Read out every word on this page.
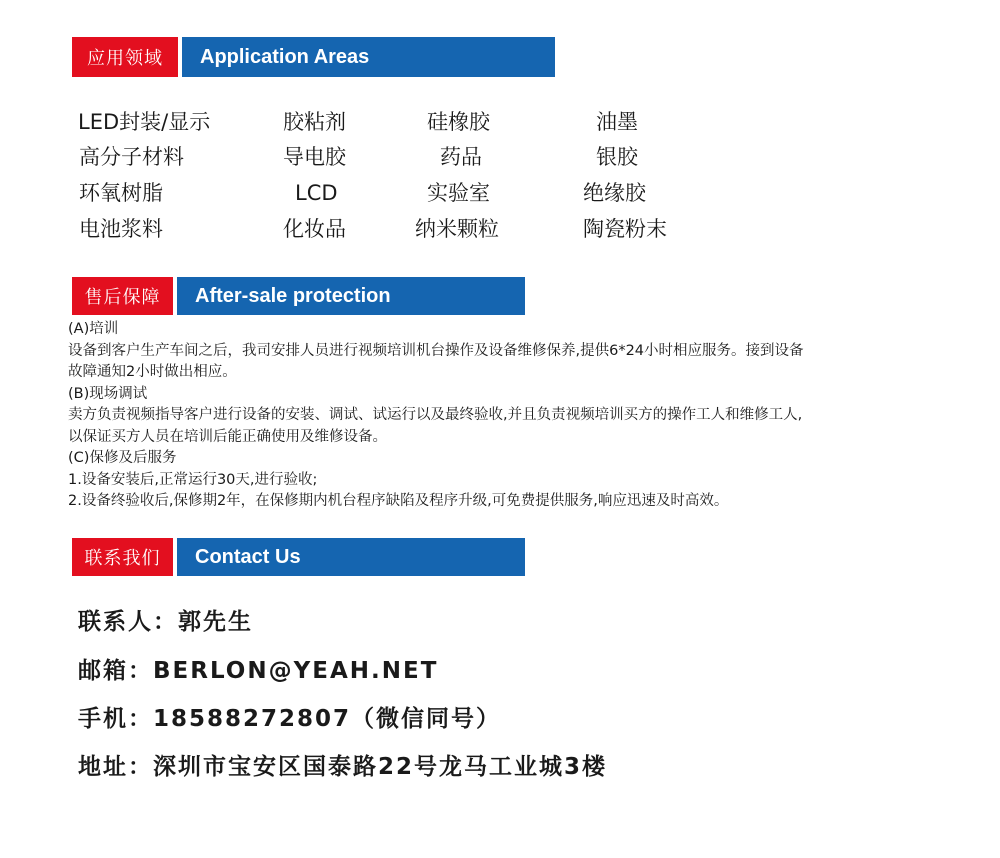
应用领域	Application Areas
LED封装/显示	胶粘剂	硅橡胶	油墨
高分子材料	导电胶	药品	银胶
环氧树脂	LCD	实验室	绝缘胶
电池浆料	化妆品	纳米颗粒	陶瓷粉末
售后保障	After-sale protection
(A)培训
设备到客户生产车间之后，我司安排人员进行视频培训机台操作及设备维修保养,提供6*24小时相应服务。接到设备
故障通知2小时做出相应。
(B)现场调试
卖方负责视频指导客户进行设备的安装、调试、试运行以及最终验收,并且负责视频培训买方的操作工人和维修工人,
以保证买方人员在培训后能正确使用及维修设备。
(C)保修及后服务
1.设备安装后,正常运行30天,进行验收;
2.设备终验收后,保修期2年，在保修期内机台程序缺陷及程序升级,可免费提供服务,响应迅速及时高效。
联系我们	Contact Us
联系人：郭先生
邮箱：BERLON@YEAH.NET
手机：18588272807（微信同号）
地址：深圳市宝安区国泰路22号龙马工业城3楼
